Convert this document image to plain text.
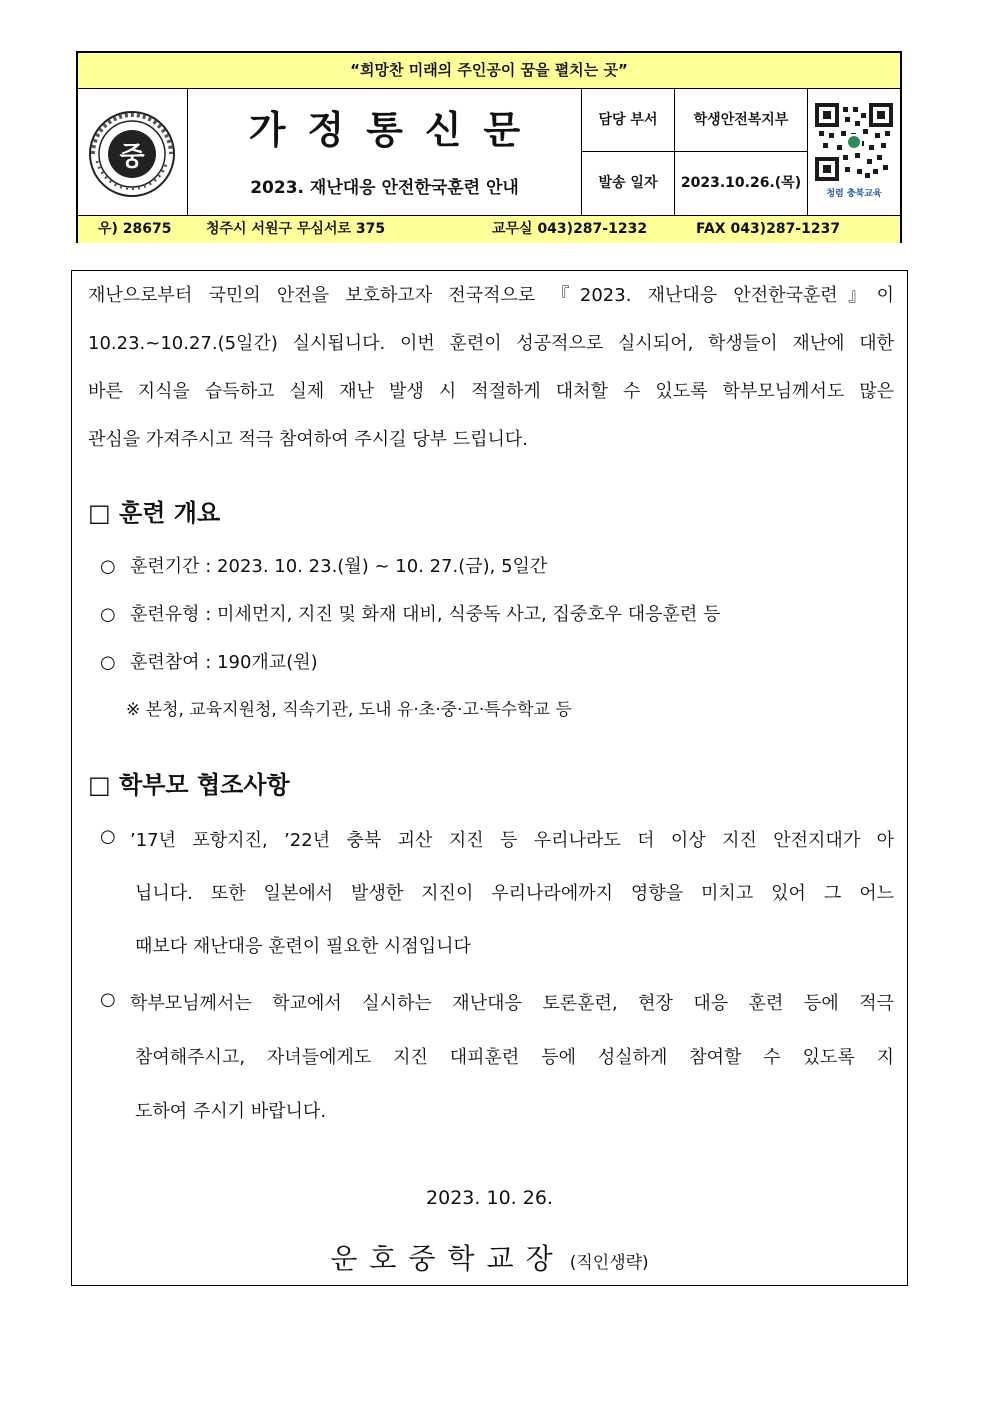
“희망찬 미래의 주인공이 꿈을 펼치는 곳”
중
가정통신문
2023. 재난대응 안전한국훈련 안내
담당 부서	학생안전복지부
발송 일자	2023.10.26.(목)
청렴 충북교육
우) 28675 청주시 서원구 무심서로 375	교무실 043)287-1232	FAX 043)287-1237
재난으로부터 국민의 안전을 보호하고자 전국적으로 『2023. 재난대응 안전한국훈련』이
10.23.~10.27.(5일간) 실시됩니다. 이번 훈련이 성공적으로 실시되어, 학생들이 재난에 대한
바른 지식을 습득하고 실제 재난 발생 시 적절하게 대처할 수 있도록 학부모님께서도 많은
관심을 가져주시고 적극 참여하여 주시길 당부 드립니다.
□ 훈련 개요
○ 훈련기간 : 2023. 10. 23.(월) ~ 10. 27.(금), 5일간
○ 훈련유형 : 미세먼지, 지진 및 화재 대비, 식중독 사고, 집중호우 대응훈련 등
○ 훈련참여 : 190개교(원)
※ 본청, 교육지원청, 직속기관, 도내 유·초·중·고·특수학교 등
□ 학부모 협조사항
○ ’17년 포항지진, ’22년 충북 괴산 지진 등 우리나라도 더 이상 지진 안전지대가 아
닙니다. 또한 일본에서 발생한 지진이 우리나라에까지 영향을 미치고 있어 그 어느
때보다 재난대응 훈련이 필요한 시점입니다
○ 학부모님께서는 학교에서 실시하는 재난대응 토론훈련, 현장 대응 훈련 등에 적극
참여해주시고, 자녀들에게도 지진 대피훈련 등에 성실하게 참여할 수 있도록 지
도하여 주시기 바랍니다.
2023. 10. 26.
운호중학교장 (직인생략)
